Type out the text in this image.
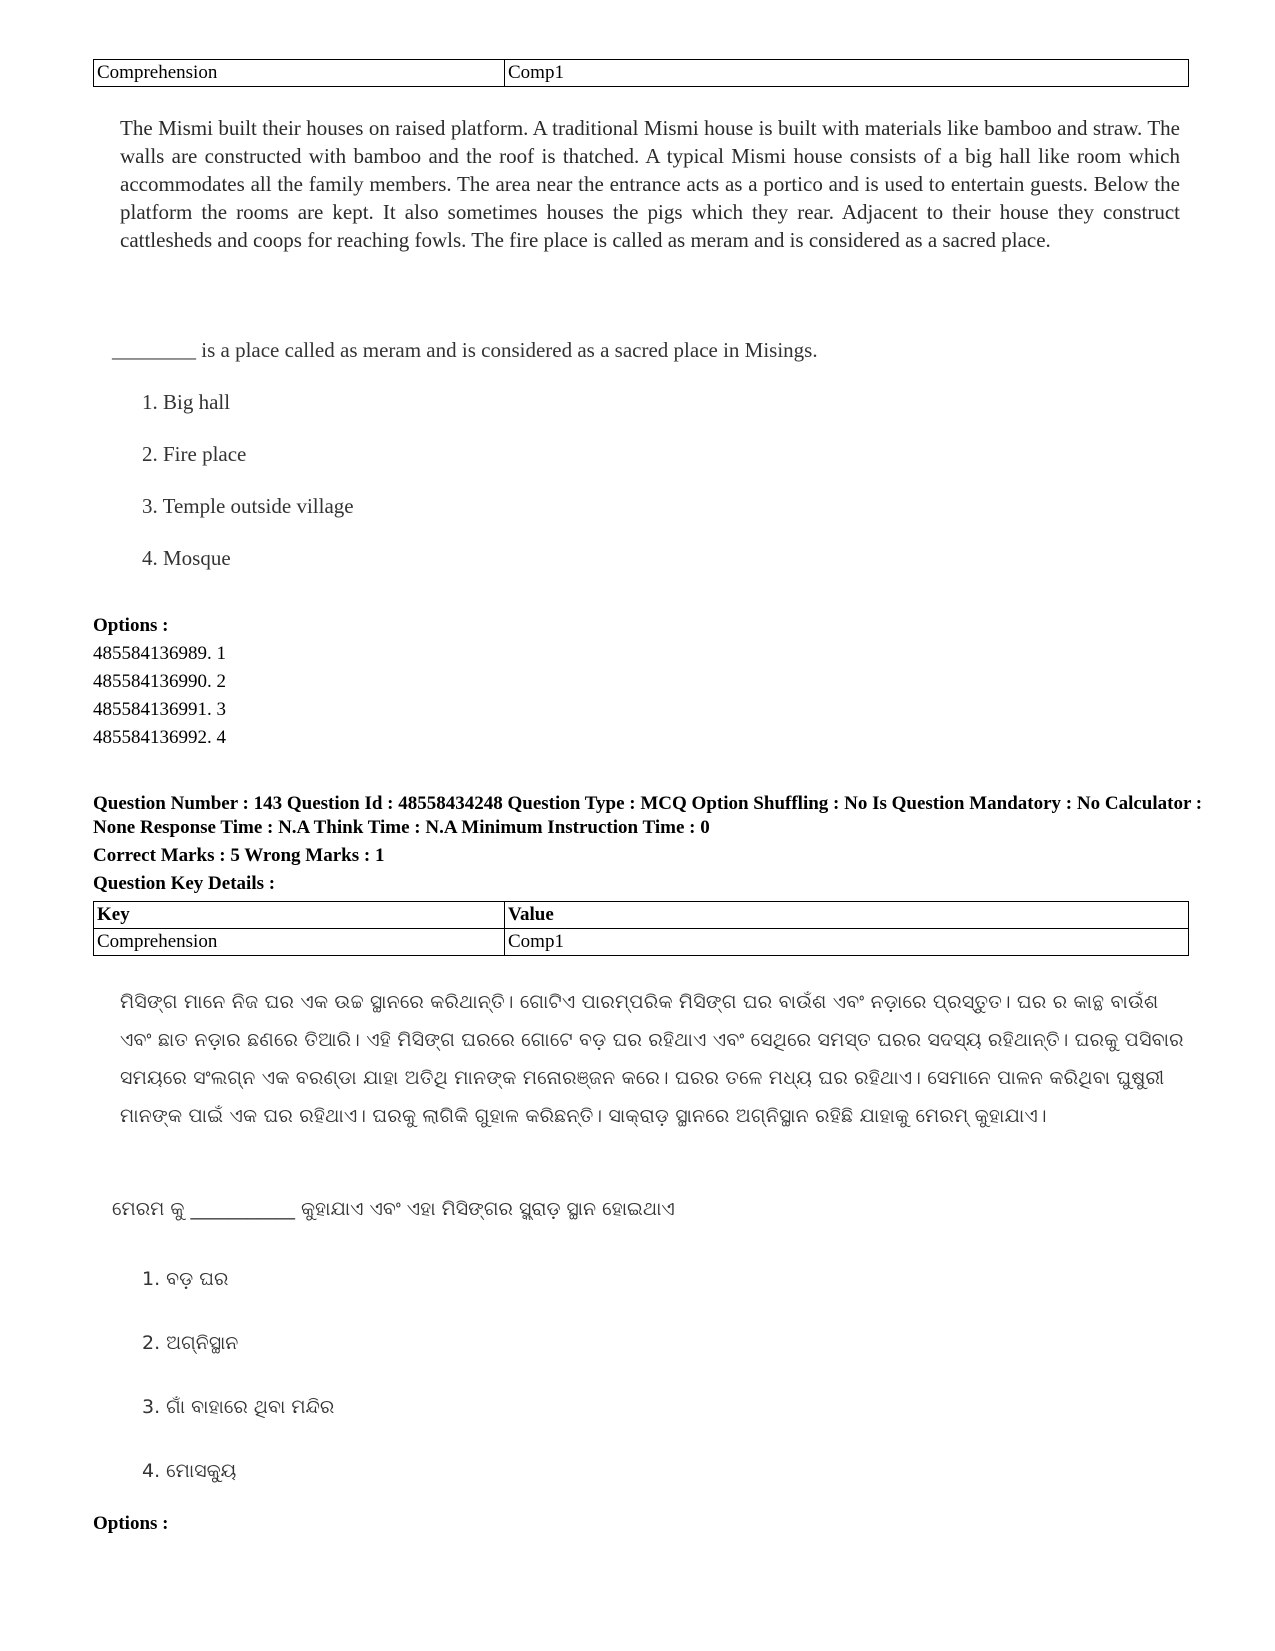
Comprehension	Comp1
The Mismi built their houses on raised platform. A traditional Mismi house is built with materials like bamboo and straw. The walls are constructed with bamboo and the roof is thatched. A typical Mismi house consists of a big hall like room which accommodates all the family members. The area near the entrance acts as a portico and is used to entertain guests. Below the platform the rooms are kept. It also sometimes houses the pigs which they rear. Adjacent to their house they construct cattlesheds and coops for reaching fowls. The fire place is called as meram and is considered as a sacred place.
________ is a place called as meram and is considered as a sacred place in Misings.
1. Big hall
2. Fire place
3. Temple outside village
4. Mosque
Options :
485584136989. 1
485584136990. 2
485584136991. 3
485584136992. 4
Question Number : 143 Question Id : 48558434248 Question Type : MCQ Option Shuffling : No Is Question Mandatory : No Calculator : None Response Time : N.A Think Time : N.A Minimum Instruction Time : 0
Correct Marks : 5 Wrong Marks : 1
Question Key Details :
Key	Value
Comprehension	Comp1
ମିସିଙ୍ଗ ମାନେ ନିଜ ଘର ଏକ ଉଚ୍ଚ ସ୍ଥାନରେ କରିଥାନ୍ତି। ଗୋଟିଏ ପାରମ୍ପରିକ ମିସିଙ୍ଗ ଘର ବାଉଁଶ ଏବଂ ନଡ଼ାରେ ପ୍ରସ୍ତୁତ। ଘର ର କାନ୍ଥ ବାଉଁଶ ଏବଂ ଛାତ ନଡ଼ାର ଛଣରେ ତିଆରି। ଏହି ମିସିଙ୍ଗ ଘରରେ ଗୋଟେ ବଡ଼ ଘର ରହିଥାଏ ଏବଂ ସେଥିରେ ସମସ୍ତ ଘରର ସଦସ୍ୟ ରହିଥାନ୍ତି। ଘରକୁ ପସିବାର ସମୟରେ ସଂଲଗ୍ନ ଏକ ବରଣ୍ଡା ଯାହା ଅତିଥି ମାନଙ୍କ ମନୋରଞ୍ଜନ କରେ। ଘରର ତଳେ ମଧ୍ୟ ଘର ରହିଥାଏ। ସେମାନେ ପାଳନ କରିଥିବା ଘୁଷୁରୀ ମାନଙ୍କ ପାଇଁ ଏକ ଘର ରହିଥାଏ। ଘରକୁ ଲାଗିକି ଗୁହାଳ କରିଛନ୍ତି। ସାକ୍ରାଡ଼ ସ୍ଥାନରେ ଅଗ୍ନିସ୍ଥାନ ରହିଛି ଯାହାକୁ ମେରମ୍ କୁହାଯାଏ।
ମେରମ କୁ ___________ କୁହାଯାଏ ଏବଂ ଏହା ମିସିଙ୍ଗର ସ୍କ୍ରାଡ଼ ସ୍ଥାନ ହୋଇଥାଏ
1. ବଡ଼ ଘର
2. ଅଗ୍ନିସ୍ଥାନ
3. ଗାଁ ବାହାରେ ଥିବା ମନ୍ଦିର
4. ମୋସକ୍ୟୁ
Options :
